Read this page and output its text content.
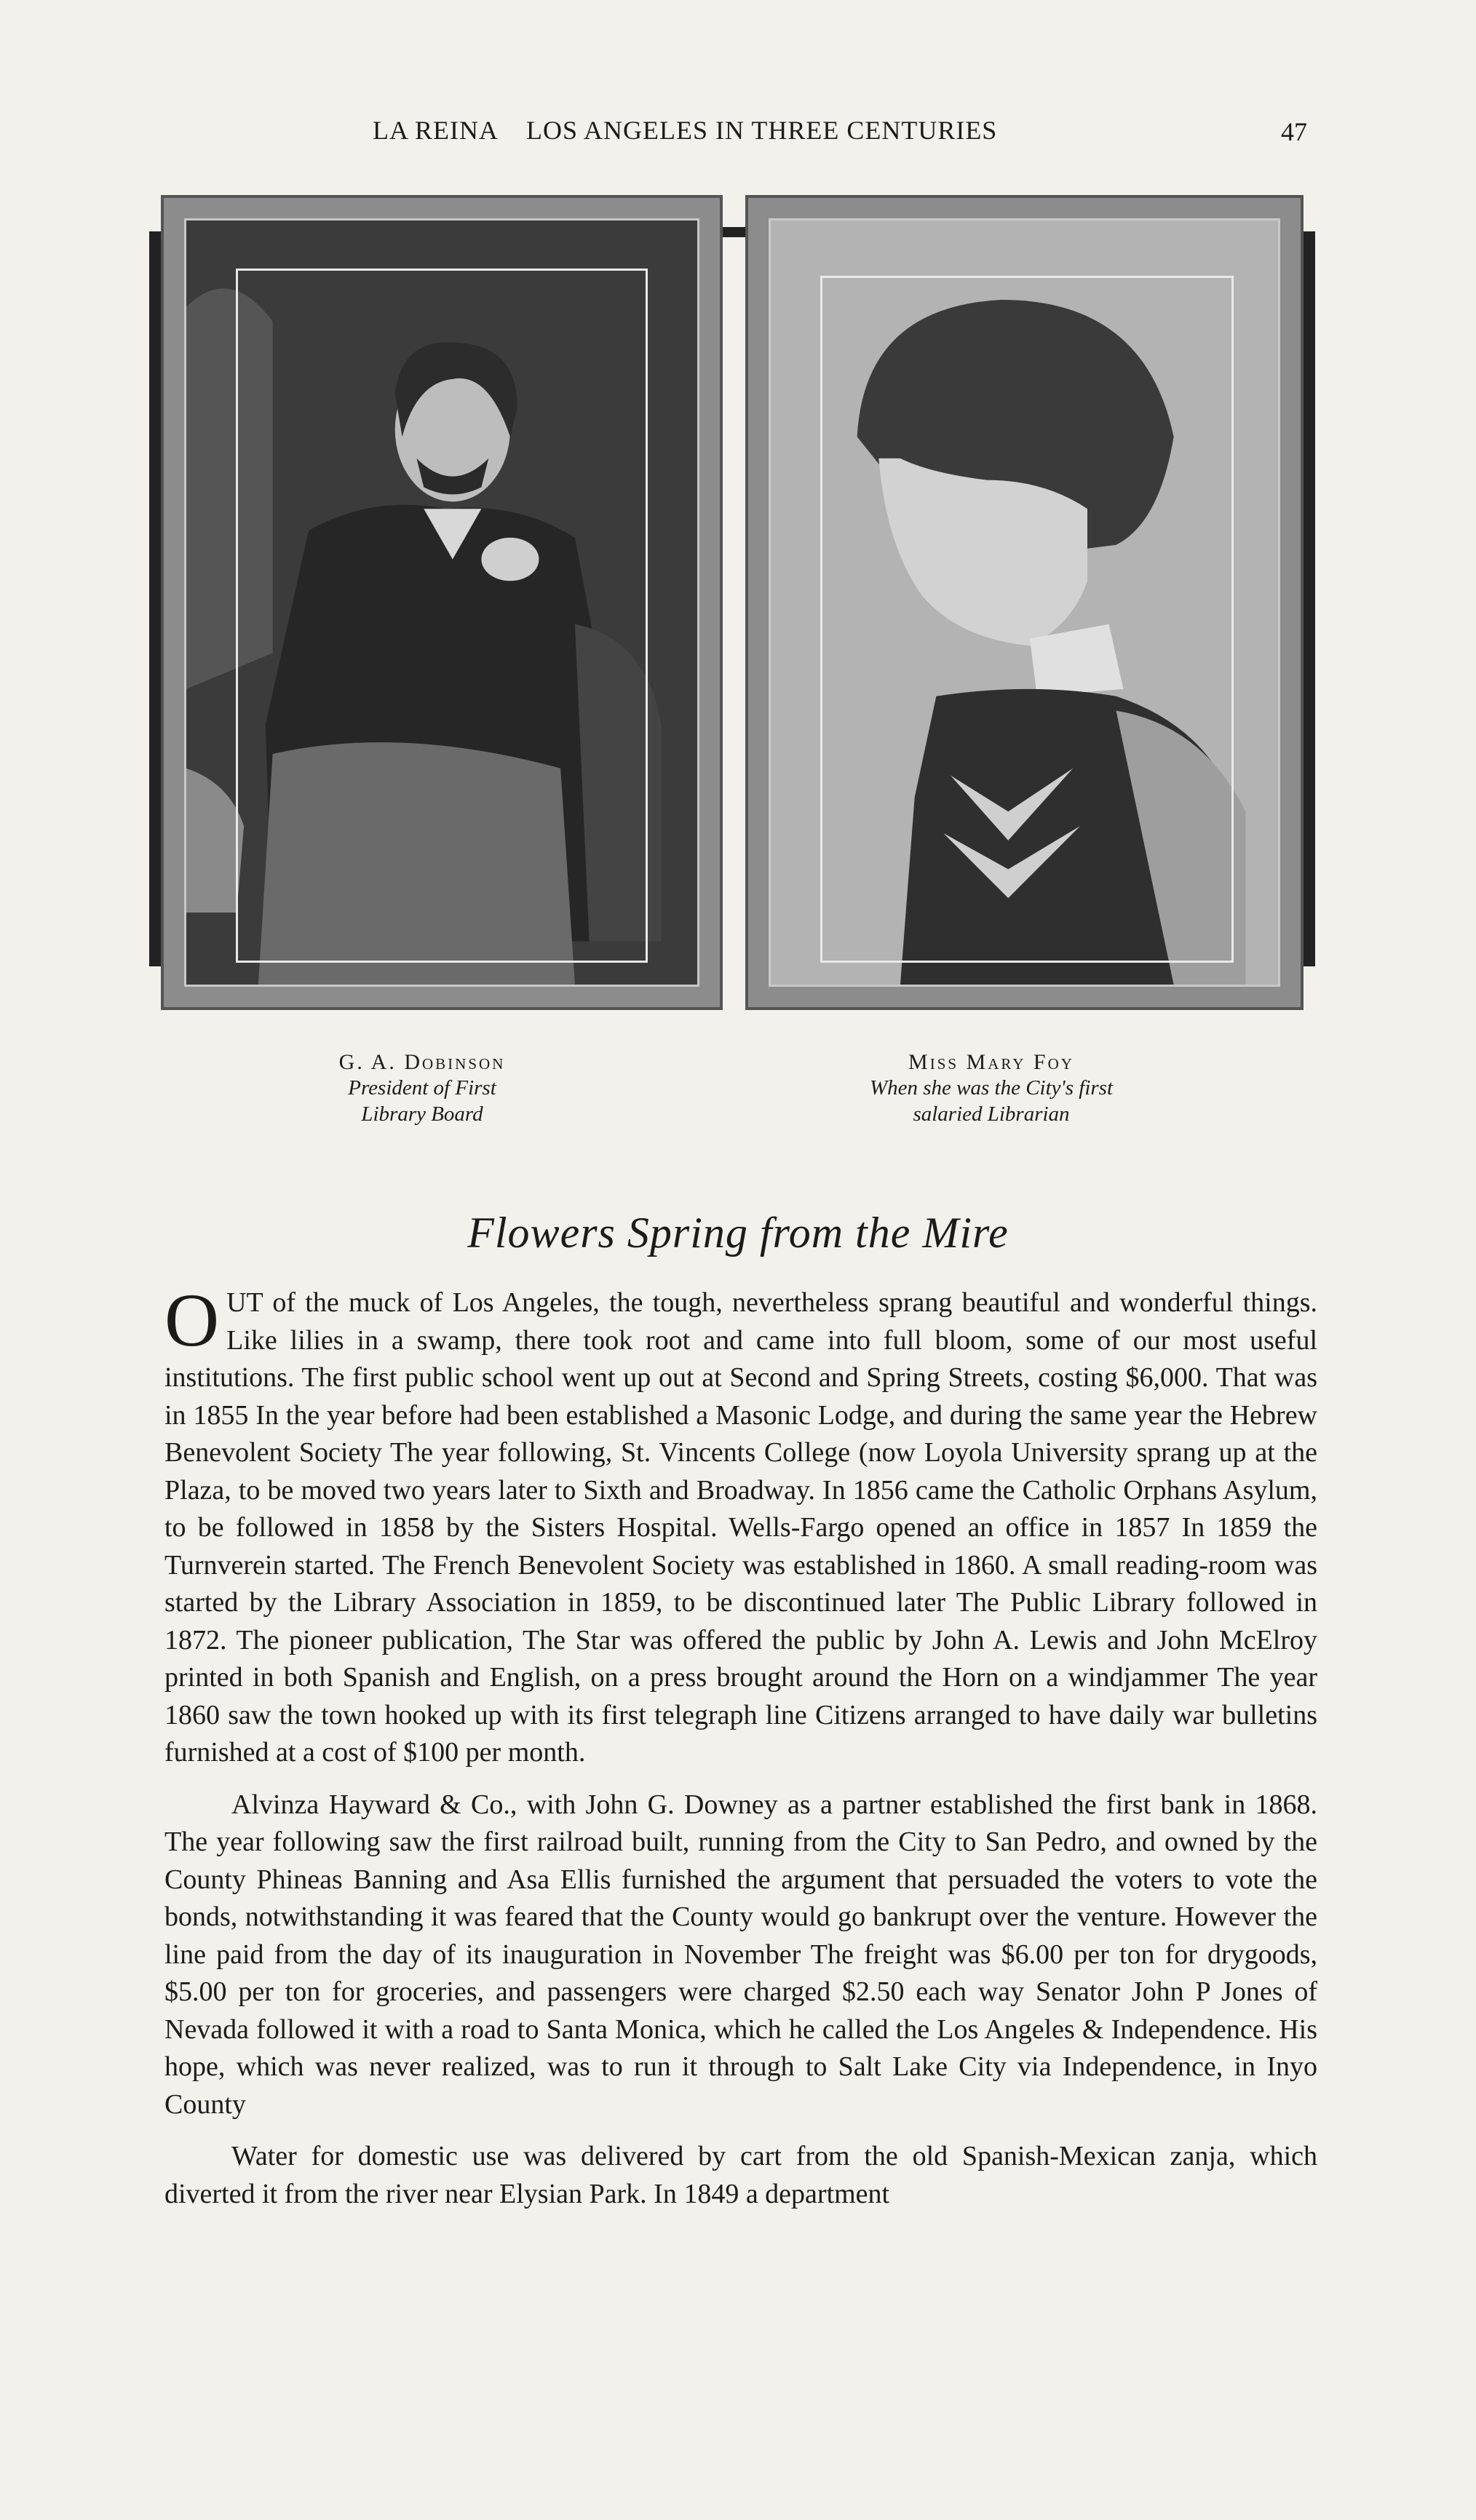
LA REINA    LOS ANGELES IN THREE CENTURIES	47
G. A. Dobinson
President of First
Library Board
Miss Mary Foy
When she was the City's first
salaried Librarian
Flowers Spring from the Mire

OUT of the muck of Los Angeles, the tough, nevertheless sprang beautiful and wonderful things. Like lilies in a swamp, there took root and came into full bloom, some of our most useful institutions. The first public school went up out at Second and Spring Streets, costing $6,000. That was in 1855 In the year before had been established a Masonic Lodge, and during the same year the Hebrew Benevolent Society The year following, St. Vincents College (now Loyola University sprang up at the Plaza, to be moved two years later to Sixth and Broadway. In 1856 came the Catholic Orphans Asylum, to be followed in 1858 by the Sisters Hospital. Wells-Fargo opened an office in 1857 In 1859 the Turnverein started. The French Benevolent Society was established in 1860. A small reading-room was started by the Library Association in 1859, to be discontinued later The Public Library followed in 1872. The pioneer publication, The Star was offered the public by John A. Lewis and John McElroy printed in both Spanish and English, on a press brought around the Horn on a windjammer The year 1860 saw the town hooked up with its first telegraph line Citizens arranged to have daily war bulletins furnished at a cost of $100 per month.

Alvinza Hayward & Co., with John G. Downey as a partner established the first bank in 1868. The year following saw the first railroad built, running from the City to San Pedro, and owned by the County Phineas Banning and Asa Ellis furnished the argument that persuaded the voters to vote the bonds, notwithstanding it was feared that the County would go bankrupt over the venture. However the line paid from the day of its inauguration in November The freight was $6.00 per ton for drygoods, $5.00 per ton for groceries, and passengers were charged $2.50 each way Senator John P Jones of Nevada followed it with a road to Santa Monica, which he called the Los Angeles & Independence. His hope, which was never realized, was to run it through to Salt Lake City via Independence, in Inyo County

Water for domestic use was delivered by cart from the old Spanish-Mexican zanja, which diverted it from the river near Elysian Park. In 1849 a department
